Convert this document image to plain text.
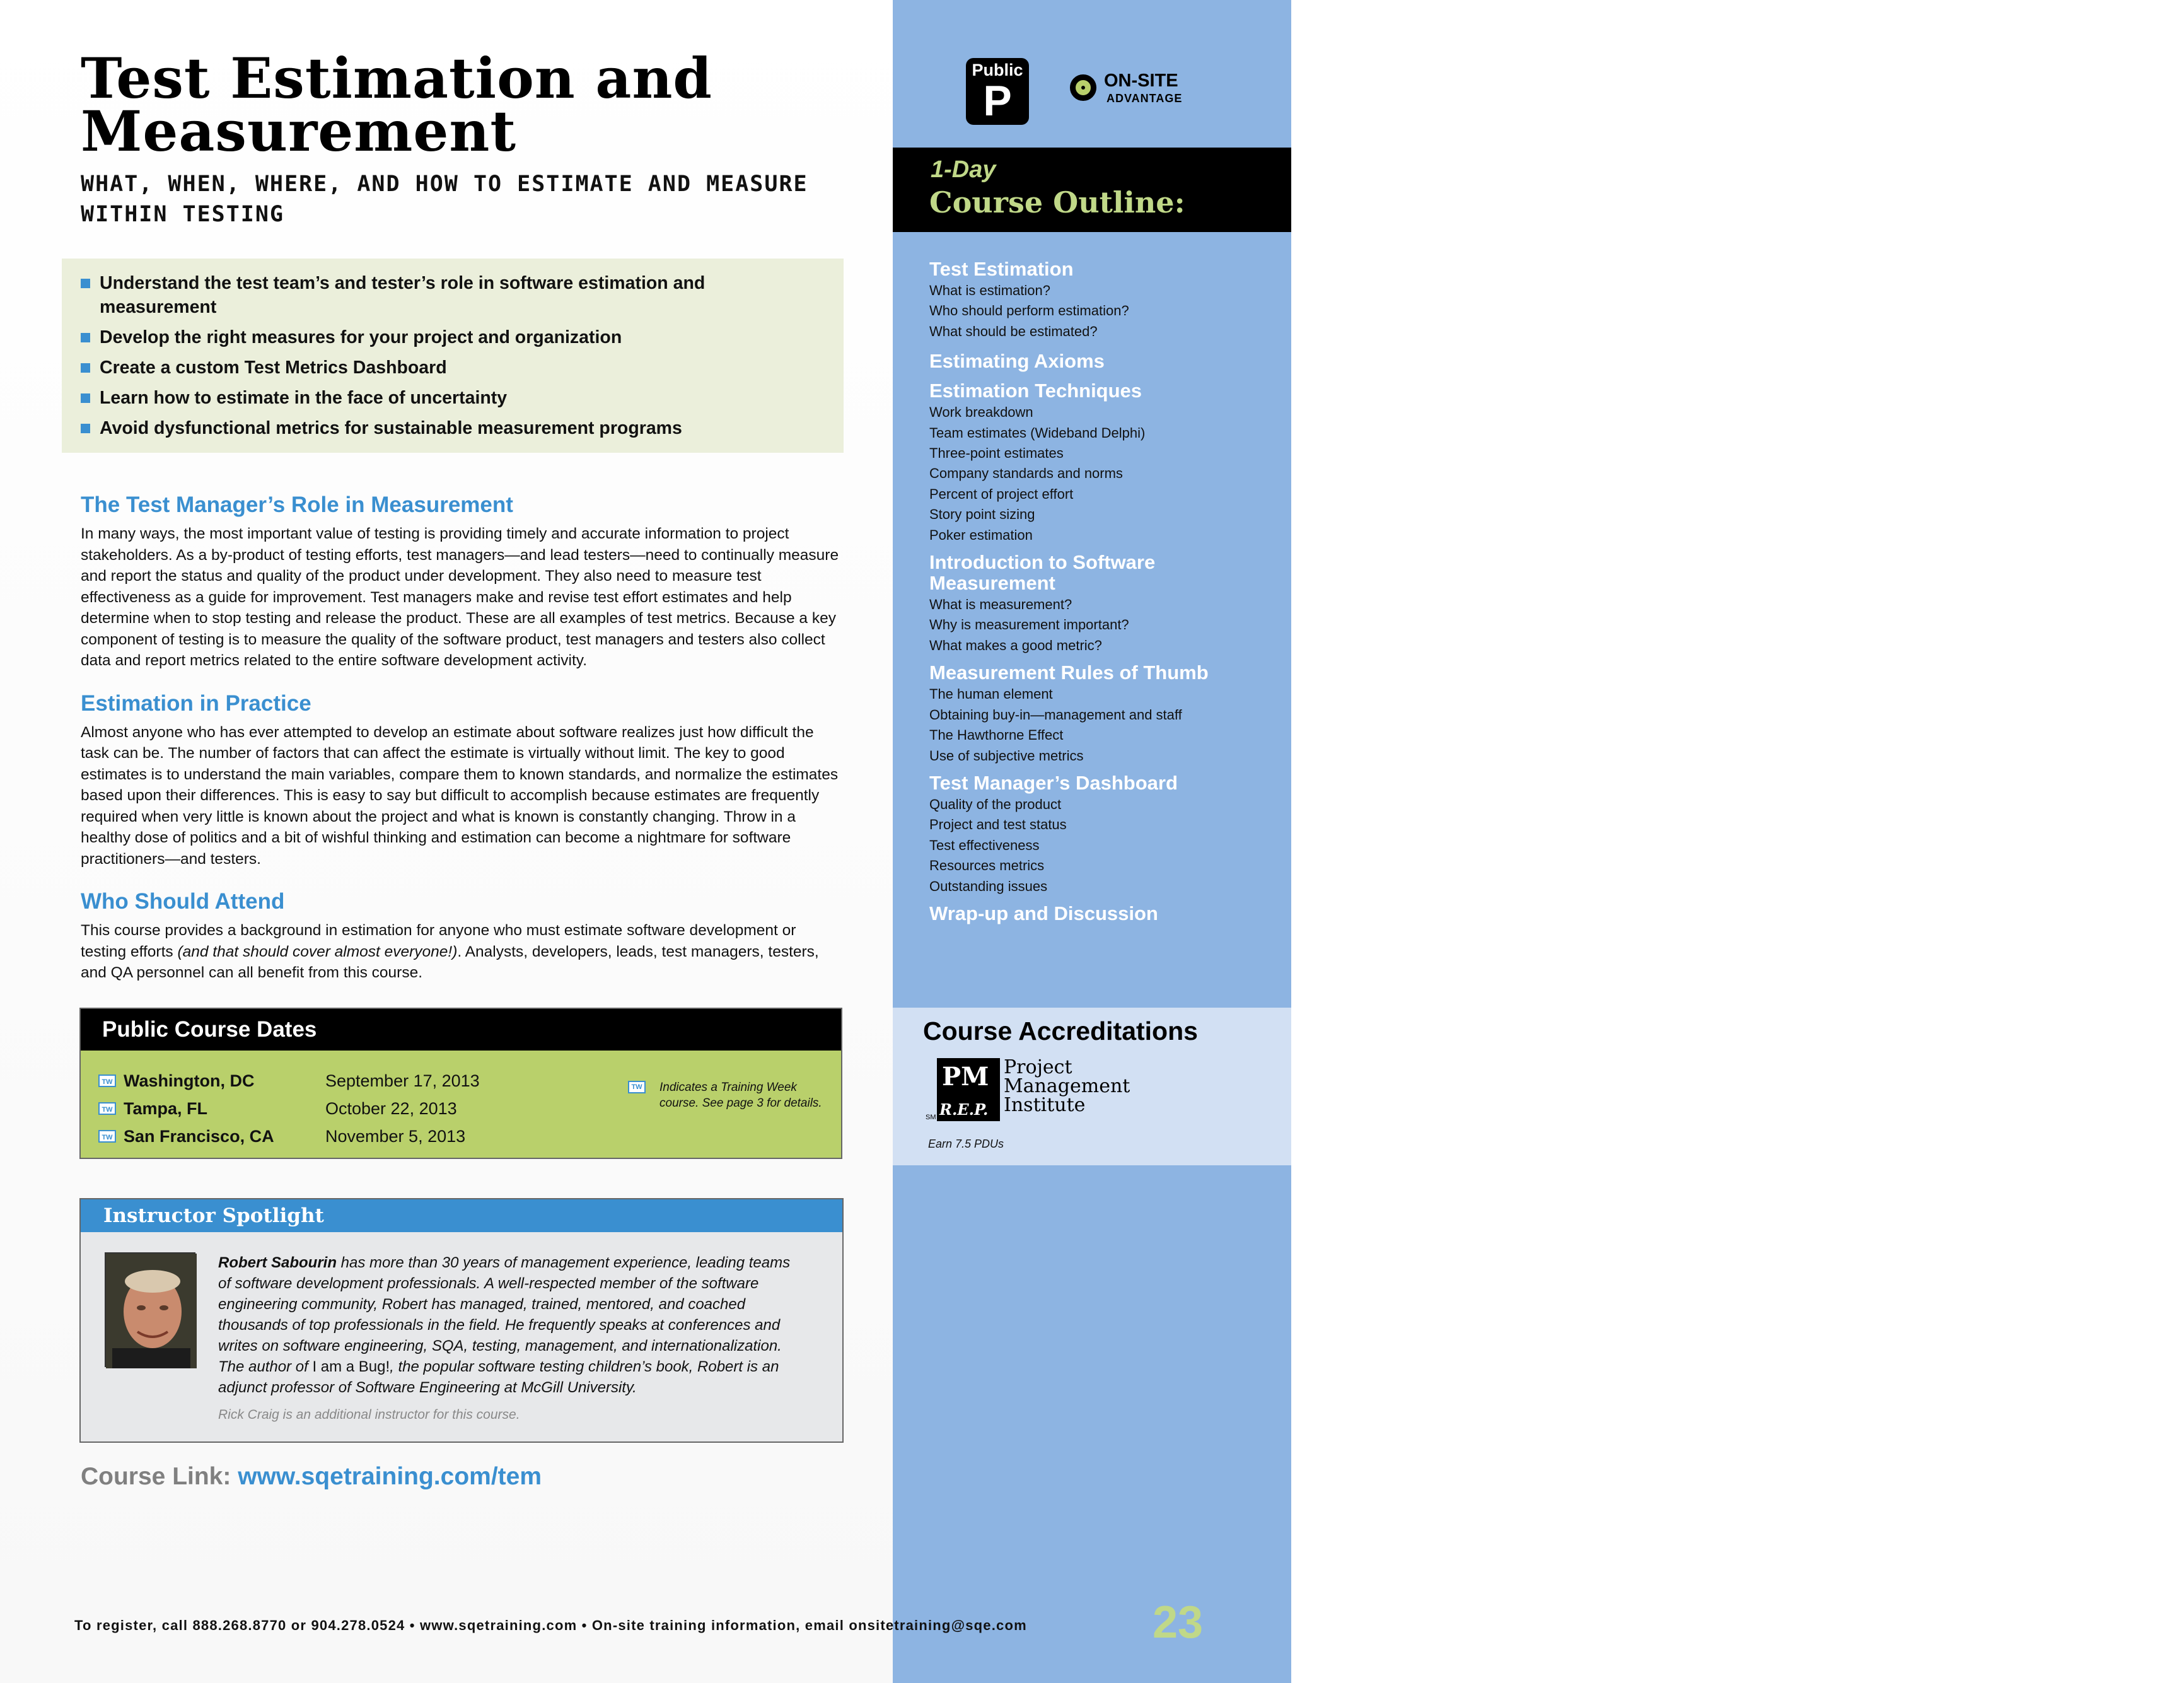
Test Estimation and
Measurement
WHAT, WHEN, WHERE, AND HOW TO ESTIMATE AND MEASURE WITHIN TESTING
Understand the test team’s and tester’s role in software estimation and measurement
Develop the right measures for your project and organization
Create a custom Test Metrics Dashboard
Learn how to estimate in the face of uncertainty
Avoid dysfunctional metrics for sustainable measurement programs
The Test Manager’s Role in Measurement

In many ways, the most important value of testing is providing timely and accurate information to project stakeholders. As a by-product of testing efforts, test managers—and lead testers—need to continually measure and report the status and quality of the product under development. They also need to measure test effectiveness as a guide for improvement. Test managers make and revise test effort estimates and help determine when to stop testing and release the product. These are all examples of test metrics. Because a key component of testing is to measure the quality of the software product, test managers and testers also collect data and report metrics related to the entire software development activity.

Estimation in Practice

Almost anyone who has ever attempted to develop an estimate about software realizes just how difficult the task can be. The number of factors that can affect the estimate is virtually without limit. The key to good estimates is to understand the main variables, compare them to known standards, and normalize the estimates based upon their differences. This is easy to say but difficult to accomplish because estimates are frequently required when very little is known about the project and what is known is constantly changing. Throw in a healthy dose of politics and a bit of wishful thinking and estimation can become a nightmare for software practitioners—and testers.

Who Should Attend

This course provides a background in estimation for anyone who must estimate software development or testing efforts (and that should cover almost everyone!). Analysts, developers, leads, test managers, testers, and QA personnel can all benefit from this course.

Public Course Dates
TW Washington, DC	September 17, 2013
TW Tampa, FL	October 22, 2013
TW San Francisco, CA	November 5, 2013
TW Indicates a Training Week course. See page 3 for details.
Instructor Spotlight
Robert Sabourin has more than 30 years of management experience, leading teams of software development professionals. A well-respected member of the software engineering community, Robert has managed, trained, mentored, and coached thousands of top professionals in the field. He frequently speaks at conferences and writes on software engineering, SQA, testing, management, and internationalization. The author of I am a Bug!, the popular software testing children’s book, Robert is an adjunct professor of Software Engineering at McGill University.
Rick Craig is an additional instructor for this course.
Course Link: www.sqetraining.com/tem
Learning Options
Public
P	ON-SITE
ADVANTAGE
1-Day
Course Outline:
Test Estimation
What is estimation?
Who should perform estimation?
What should be estimated?
Estimating Axioms
Estimation Techniques
Work breakdown
Team estimates (Wideband Delphi)
Three-point estimates
Company standards and norms
Percent of project effort
Story point sizing
Poker estimation
Introduction to Software Measurement
What is measurement?
Why is measurement important?
What makes a good metric?
Measurement Rules of Thumb
The human element
Obtaining buy-in—management and staff
The Hawthorne Effect
Use of subjective metrics
Test Manager’s Dashboard
Quality of the product
Project and test status
Test effectiveness
Resources metrics
Outstanding issues
Wrap-up and Discussion
Course Accreditations
PM
R.E.P.
Project Management Institute
SM
Earn 7.5 PDUs
To register, call 888.268.8770 or 904.278.0524 • www.sqetraining.com • On-site training information, email onsitetraining@sqe.com	23
